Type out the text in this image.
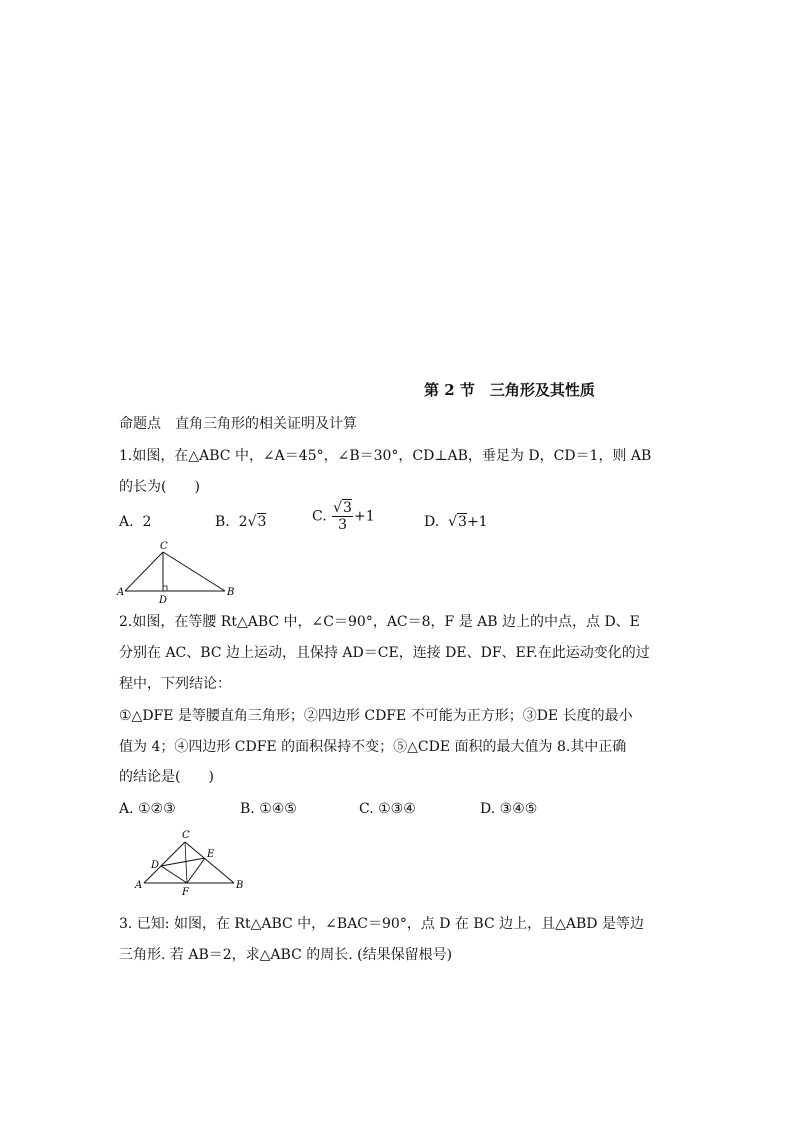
第 2 节　三角形及其性质
命题点　直角三角形的相关证明及计算
1.如图，在△ABC 中，∠A＝45°，∠B＝30°，CD⊥AB，垂足为 D，CD＝1，则 AB
的长为(　　)
A. 2	B. 2√3	C. $\frac{√3}{3} +1$	D. √3+1
A	B
C
D
2.如图，在等腰 Rt△ABC 中，∠C＝90°，AC＝8，F 是 AB 边上的中点，点 D、E
分别在 AC、BC 边上运动，且保持 AD＝CE，连接 DE、DF、EF.在此运动变化的过
程中，下列结论：
①△DFE 是等腰直角三角形；②四边形 CDFE 不可能为正方形；③DE 长度的最小
值为 4；④四边形 CDFE 的面积保持不变；⑤△CDE 面积的最大值为 8.其中正确
的结论是(　　)
A. ①②③	B. ①④⑤	C. ①③④	D. ③④⑤
A	B
C
D
E
F
3. 已知: 如图，在 Rt△ABC 中，∠BAC＝90°，点 D 在 BC 边上，且△ABD 是等边
三角形. 若 AB＝2，求△ABC 的周长. (结果保留根号)
